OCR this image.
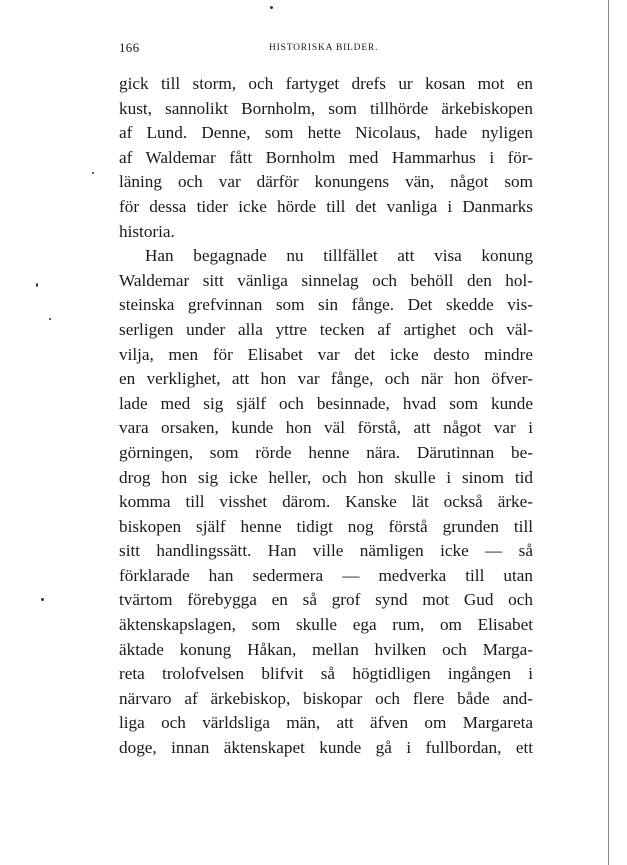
166	HISTORISKA BILDER.
gick till storm, och fartyget drefs ur kosan mot en
kust, sannolikt Bornholm, som tillhörde ärkebiskopen
af Lund. Denne, som hette Nicolaus, hade nyligen
af Waldemar fått Bornholm med Hammarhus i för-
läning och var därför konungens vän, något som
för dessa tider icke hörde till det vanliga i Danmarks
historia.
Han begagnade nu tillfället att visa konung
Waldemar sitt vänliga sinnelag och behöll den hol-
steinska grefvinnan som sin fånge. Det skedde vis-
serligen under alla yttre tecken af artighet och väl-
vilja, men för Elisabet var det icke desto mindre
en verklighet, att hon var fånge, och när hon öfver-
lade med sig själf och besinnade, hvad som kunde
vara orsaken, kunde hon väl förstå, att något var i
görningen, som rörde henne nära. Därutinnan be-
drog hon sig icke heller, och hon skulle i sinom tid
komma till visshet därom. Kanske lät också ärke-
biskopen själf henne tidigt nog förstå grunden till
sitt handlingssätt. Han ville nämligen icke — så
förklarade han sedermera — medverka till utan
tvärtom förebygga en så grof synd mot Gud och
äktenskapslagen, som skulle ega rum, om Elisabet
äktade konung Håkan, mellan hvilken och Marga-
reta trolofvelsen blifvit så högtidligen ingången i
närvaro af ärkebiskop, biskopar och flere både and-
liga och världsliga män, att äfven om Margareta
doge, innan äktenskapet kunde gå i fullbordan, ett
